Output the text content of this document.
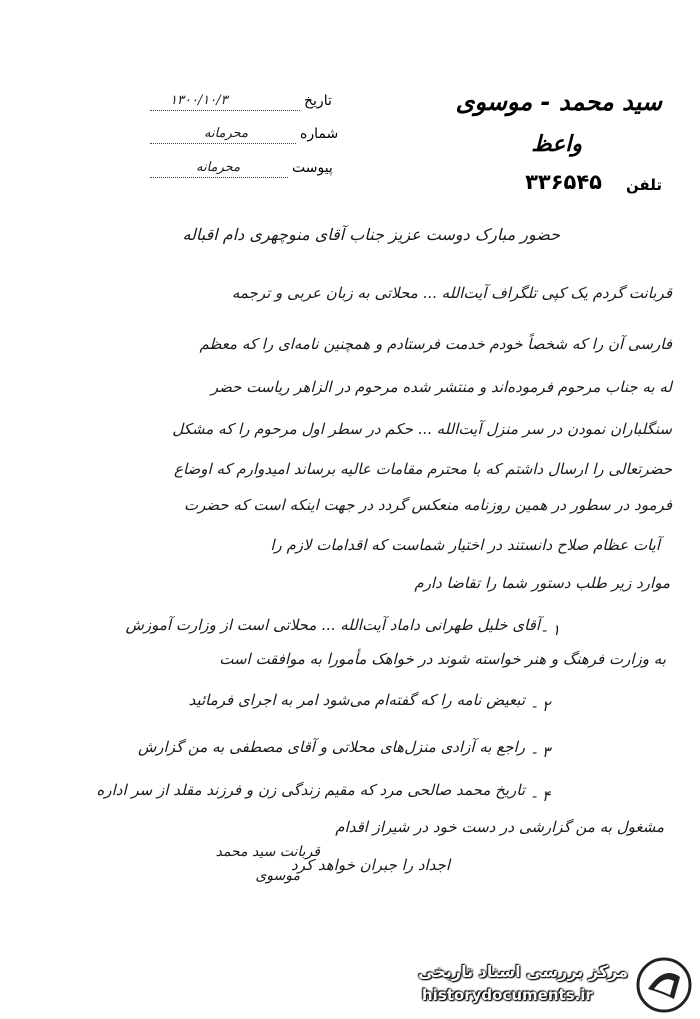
سید محمد - موسوی
واعظ
تلفن
۳۳۶۵۴۵
تاریخ
۱۳۰۰/۱۰/۳
شماره
محرمانه
پیوست
محرمانه
حضور مبارک دوست عزیز جناب آقای منوچهری دام اقباله
قربانت گردم یک کپی تلگراف آیت‌الله ... محلاتی به زبان عربی و ترجمه
فارسی آن را که شخصاً خودم خدمت فرستادم و همچنین نامه‌ای را که معظم
له به جناب مرحوم فرموده‌اند و منتشر شده مرحوم در الزاهر ریاست حضر
سنگلباران نمودن در سر منزل آیت‌الله ... حکم در سطر اول مرحوم را که مشکل
حضرتعالی را ارسال داشتم که با محترم مقامات عالیه برساند امیدوارم که اوضاع
فرمود در سطور در همین روزنامه منعکس گردد در جهت اینکه است که حضرت
آیات عظام صلاح دانستند در اختیار شماست که اقدامات لازم را
موارد زیر طلب دستور شما را تقاضا دارم
۱ -
آقای خلیل طهرانی داماد آیت‌الله ... محلاتی است از وزارت آموزش
به وزارت فرهنگ و هنر خواسته شوند در خواهک مأمورا به موافقت است
۲ -
تبعیض نامه را که گفته‌ام می‌شود امر به اجرای فرمائید
۳ -
راجع به آزادی منزل‌های محلاتی و آقای مصطفی به من گزارش
۴ -
تاریخ محمد صالحی مرد که مقیم زندگی زن و فرزند مقلد از سر اداره
مشغول به من گزارشی در دست خود در شیراز اقدام
اجداد را جبران خواهد کرد
قربانت سید محمد
موسوی
مرکز بررسی اسناد تاریخی
historydocuments.ir
